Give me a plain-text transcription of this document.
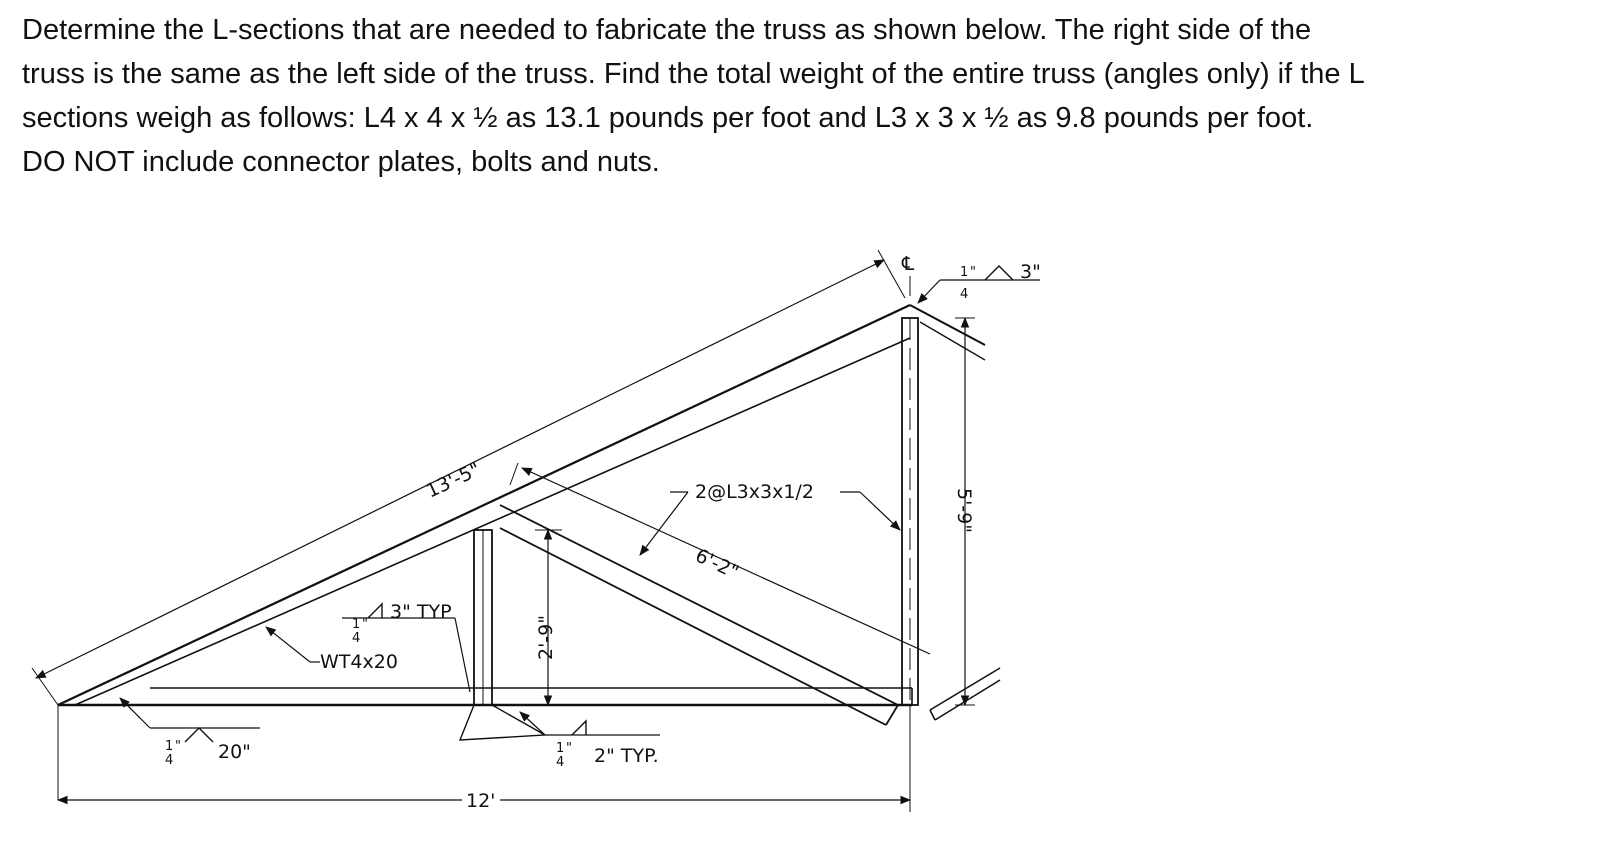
Determine the L-sections that are needed to fabricate the truss as shown below. The right side of the
truss is the same as the left side of the truss. Find the total weight of the entire truss (angles only) if the L
sections weigh as follows: L4 x 4 x ½ as 13.1 pounds per foot and L3 x 3 x ½ as 9.8 pounds per foot.
DO NOT include connector plates, bolts and nuts.
13'-5"
6'-2"
2@L3x3x1/2
WT4x20
1
4
"
3" TYP
1
4
" 20"	1
4
" 2" TYP.
1
4
" 3"
℄
2'-9"
5'-9"
12'
